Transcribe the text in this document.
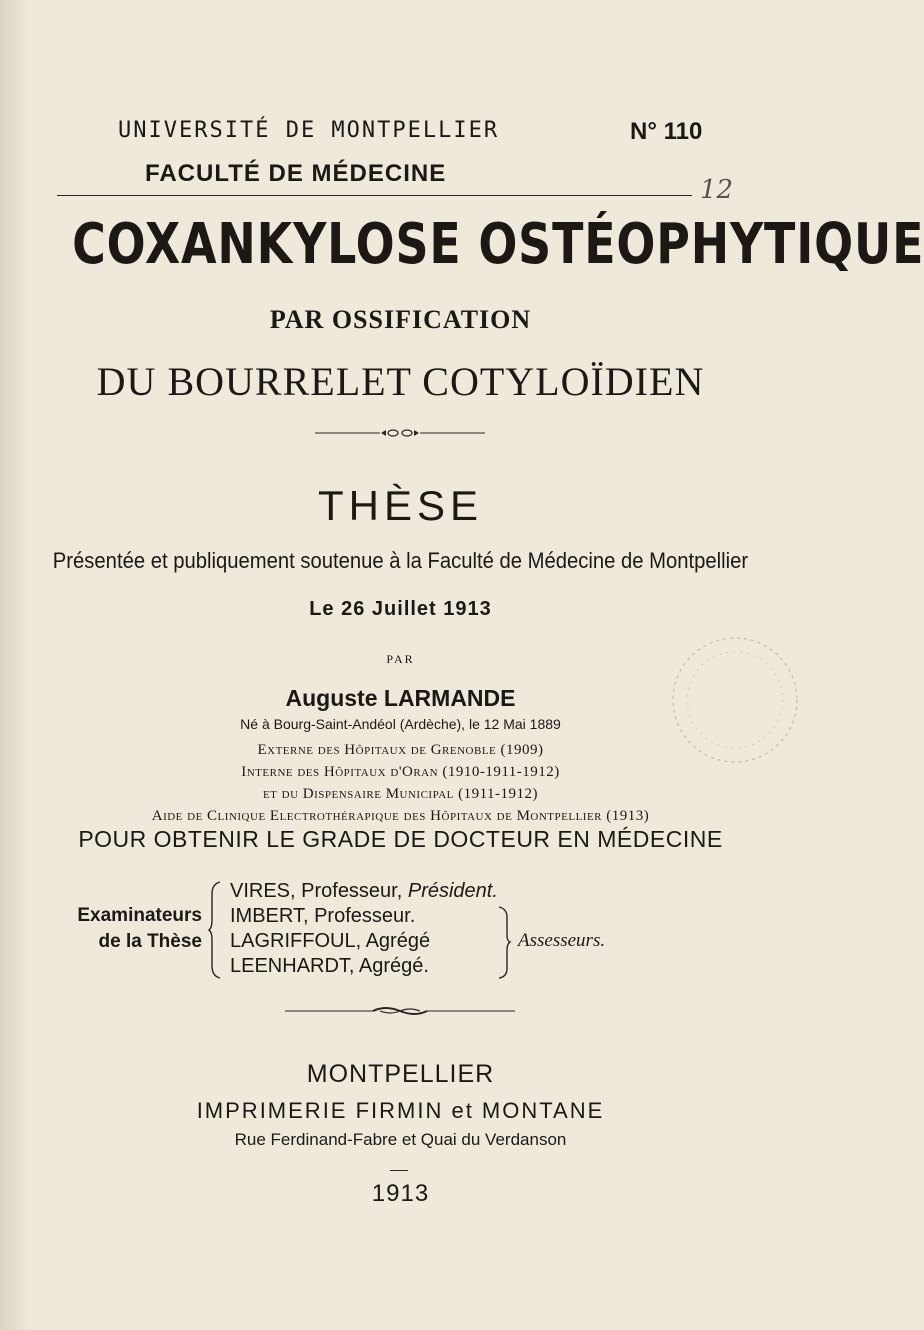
UNIVERSITÉ DE MONTPELLIER	N° 110
12
FACULTÉ DE MÉDECINE
COXANKYLOSE OSTÉOPHYTIQUE
PAR OSSIFICATION
DU BOURRELET COTYLOÏDIEN
THÈSE
Présentée et publiquement soutenue à la Faculté de Médecine de Montpellier
Le 26 Juillet 1913
PAR
Auguste LARMANDE
Né à Bourg-Saint-Andéol (Ardèche), le 12 Mai 1889
Externe des Hôpitaux de Grenoble (1909)
Interne des Hôpitaux d'Oran (1910-1911-1912)
et du Dispensaire Municipal (1911-1912)
Aide de Clinique Electrothérapique des Hôpitaux de Montpellier (1913)
POUR OBTENIR LE GRADE DE DOCTEUR EN MÉDECINE
Examinateurs
de la Thèse
VIRES, Professeur, Président.
IMBERT, Professeur.
LAGRIFFOUL, Agrégé
LEENHARDT, Agrégé.
Assesseurs.
MONTPELLIER
IMPRIMERIE FIRMIN et MONTANE
Rue Ferdinand-Fabre et Quai du Verdanson
1913
